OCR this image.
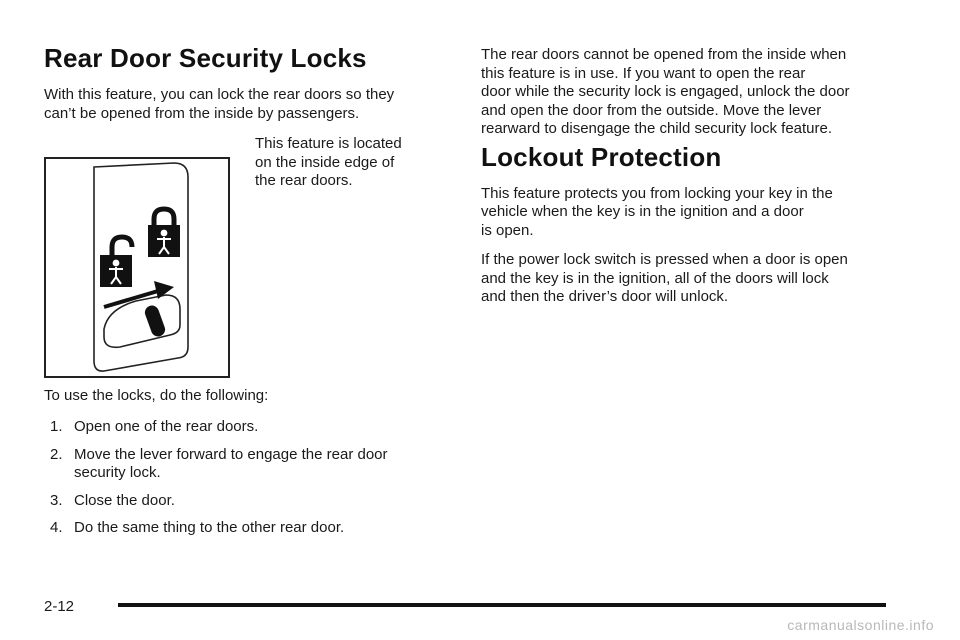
Rear Door Security Locks

With this feature, you can lock the rear doors so they
can’t be opened from the inside by passengers.

This feature is located
on the inside edge of
the rear doors.

To use the locks, do the following:

1. Open one of the rear doors.
2. Move the lever forward to engage the rear door
security lock.
3. Close the door.
4. Do the same thing to the other rear door.

The rear doors cannot be opened from the inside when
this feature is in use. If you want to open the rear
door while the security lock is engaged, unlock the door
and open the door from the outside. Move the lever
rearward to disengage the child security lock feature.

Lockout Protection

This feature protects you from locking your key in the
vehicle when the key is in the ignition and a door
is open.

If the power lock switch is pressed when a door is open
and the key is in the ignition, all of the doors will lock
and then the driver’s door will unlock.

2-12
carmanualsonline.info
